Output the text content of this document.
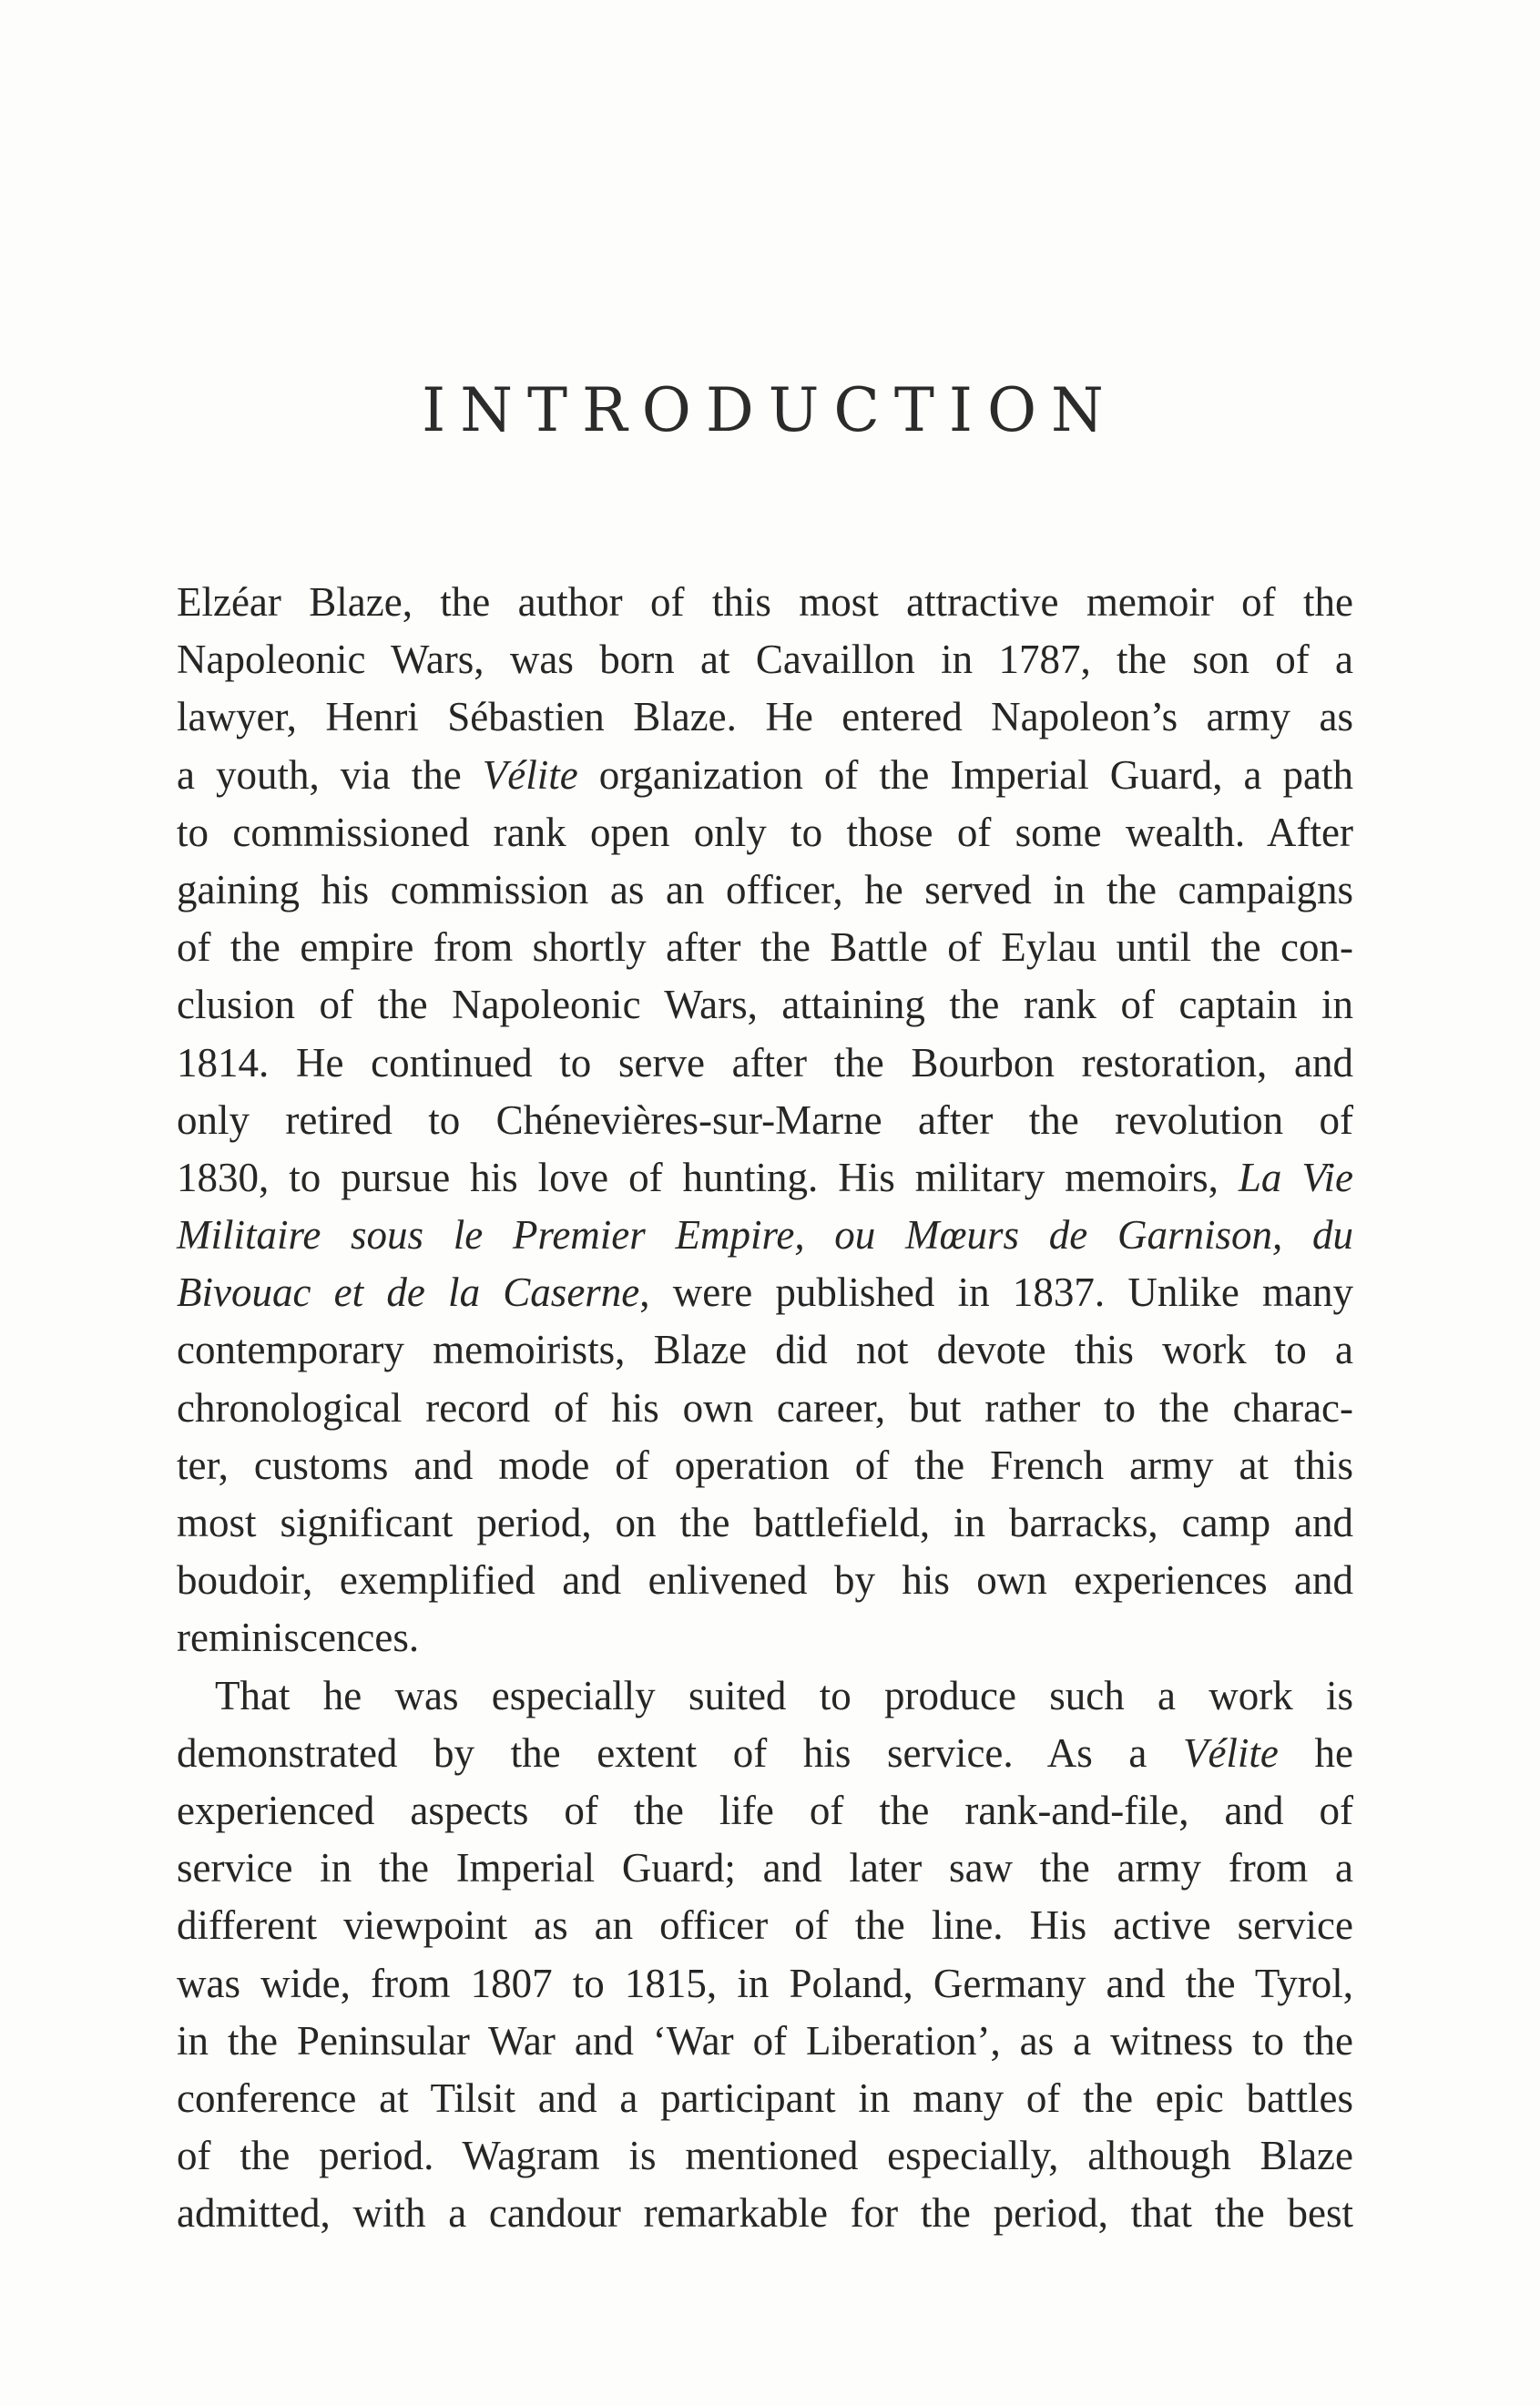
INTRODUCTION
Elzéar Blaze, the author of this most attractive memoir of the
Napoleonic Wars, was born at Cavaillon in 1787, the son of a
lawyer, Henri Sébastien Blaze. He entered Napoleon’s army as
a youth, via the Vélite organization of the Imperial Guard, a path
to commissioned rank open only to those of some wealth. After
gaining his commission as an officer, he served in the campaigns
of the empire from shortly after the Battle of Eylau until the con-
clusion of the Napoleonic Wars, attaining the rank of captain in
1814. He continued to serve after the Bourbon restoration, and
only retired to Chénevières-sur-Marne after the revolution of
1830, to pursue his love of hunting. His military memoirs, La Vie
Militaire sous le Premier Empire, ou Mœurs de Garnison, du
Bivouac et de la Caserne, were published in 1837. Unlike many
contemporary memoirists, Blaze did not devote this work to a
chronological record of his own career, but rather to the charac-
ter, customs and mode of operation of the French army at this
most significant period, on the battlefield, in barracks, camp and
boudoir, exemplified and enlivened by his own experiences and
reminiscences.
That he was especially suited to produce such a work is
demonstrated by the extent of his service. As a Vélite he
experienced aspects of the life of the rank-and-file, and of
service in the Imperial Guard; and later saw the army from a
different viewpoint as an officer of the line. His active service
was wide, from 1807 to 1815, in Poland, Germany and the Tyrol,
in the Peninsular War and ‘War of Liberation’, as a witness to the
conference at Tilsit and a participant in many of the epic battles
of the period. Wagram is mentioned especially, although Blaze
admitted, with a candour remarkable for the period, that the best
